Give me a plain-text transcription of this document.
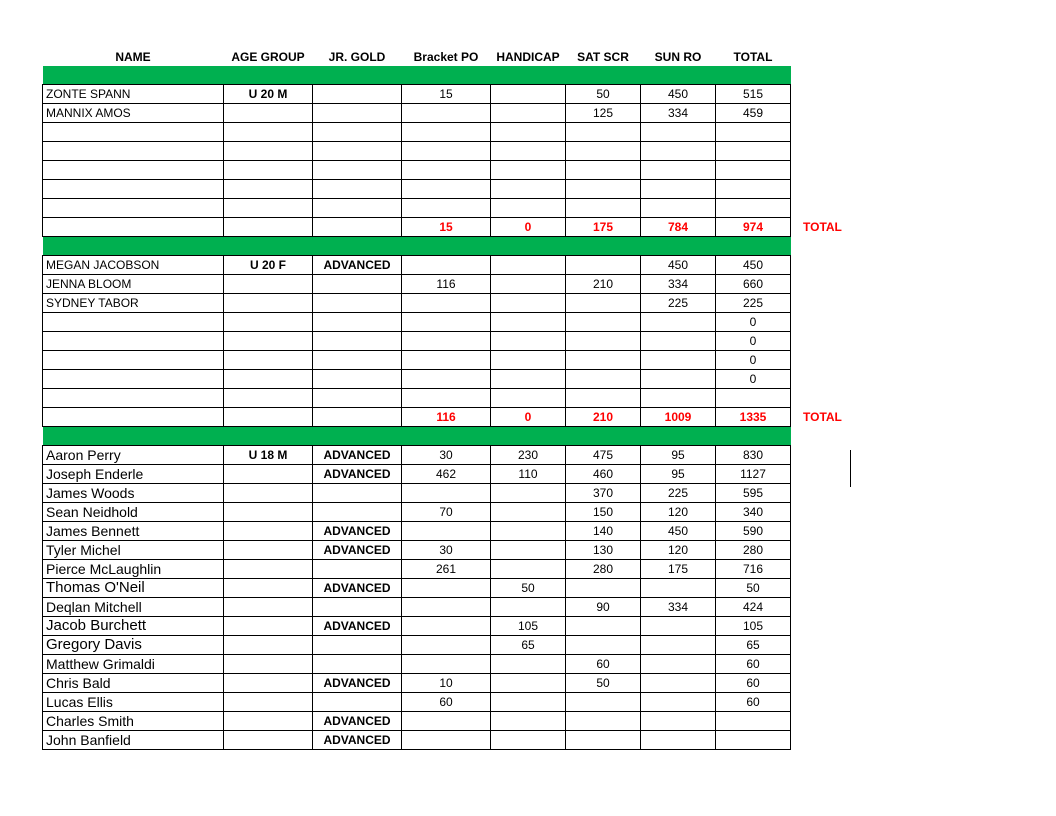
NAME	AGE GROUP	JR. GOLD	Bracket PO	HANDICAP	SAT SCR	SUN RO	TOTAL	

ZONTE SPANN	U 20 M		15		50	450	515	
MANNIX AMOS					125	334	459	

			15	0	175	784	974	TOTAL

MEGAN JACOBSON	U 20 F	ADVANCED				450	450	
JENNA BLOOM			116		210	334	660	
SYDNEY TABOR						225	225	
							0	
							0	
							0	
							0	

			116	0	210	1009	1335	TOTAL

Aaron Perry	U 18 M	ADVANCED	30	230	475	95	830	
Joseph Enderle		ADVANCED	462	110	460	95	1127	
James Woods					370	225	595	
Sean Neidhold			70		150	120	340	
James Bennett		ADVANCED			140	450	590	
Tyler Michel		ADVANCED	30		130	120	280	
Pierce McLaughlin			261		280	175	716	
Thomas O'Neil		ADVANCED		50			50	
Deqlan Mitchell					90	334	424	
Jacob Burchett		ADVANCED		105			105	
Gregory Davis				65			65	
Matthew Grimaldi					60		60	
Chris Bald		ADVANCED	10		50		60	
Lucas Ellis			60				60	
Charles Smith		ADVANCED						
John Banfield		ADVANCED						
